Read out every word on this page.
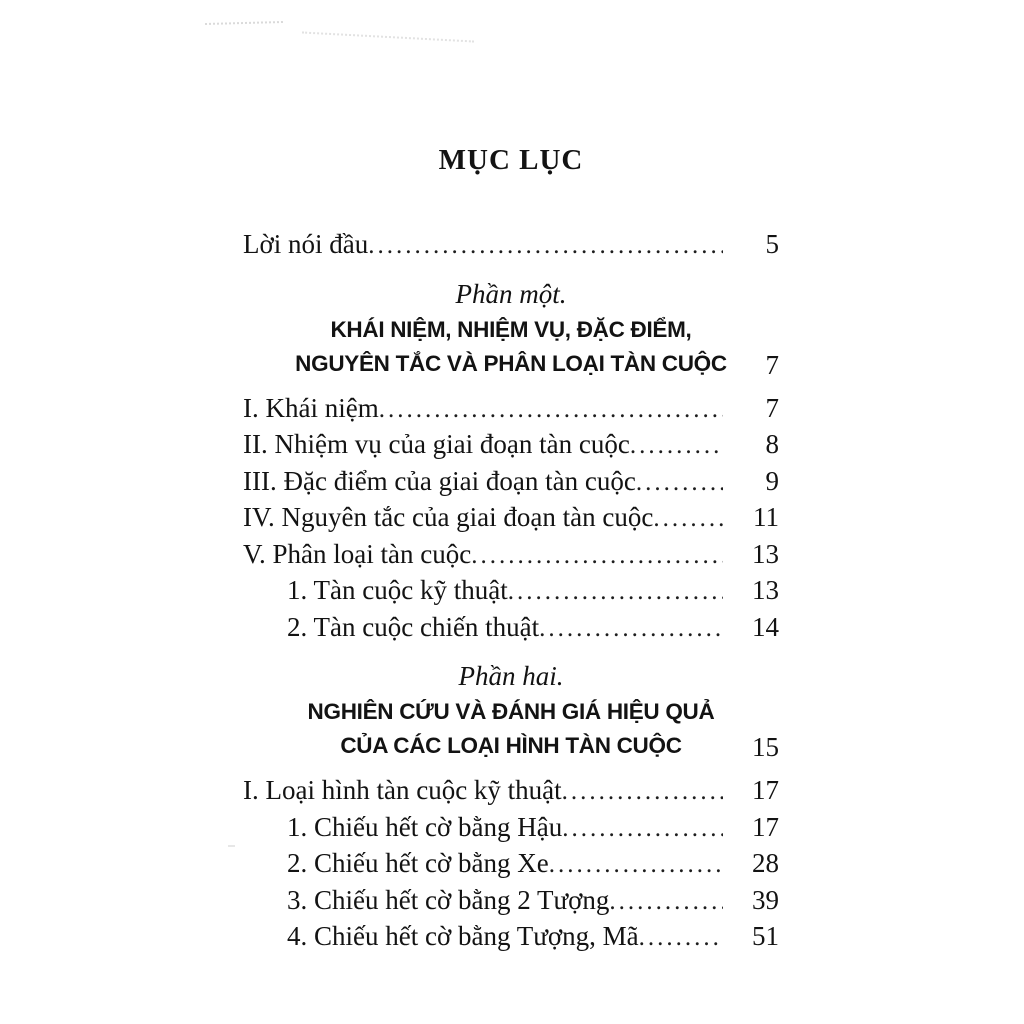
MỤC LỤC
Lời nói đầu .....	5
Phần một.
KHÁI NIỆM, NHIỆM VỤ, ĐẶC ĐIỂM,
NGUYÊN TẮC VÀ PHÂN LOẠI TÀN CUỘC	7
I. Khái niệm .....	7
II. Nhiệm vụ của giai đoạn tàn cuộc .....	8
III. Đặc điểm của giai đoạn tàn cuộc .....	9
IV. Nguyên tắc của giai đoạn tàn cuộc .....	11
V. Phân loại tàn cuộc .....	13
1. Tàn cuộc kỹ thuật .....	13
2. Tàn cuộc chiến thuật .....	14
Phần hai.
NGHIÊN CỨU VÀ ĐÁNH GIÁ HIỆU QUẢ
CỦA CÁC LOẠI HÌNH TÀN CUỘC	15
I. Loại hình tàn cuộc kỹ thuật .....	17
1. Chiếu hết cờ bằng Hậu .....	17
2. Chiếu hết cờ bằng Xe .....	28
3. Chiếu hết cờ bằng 2 Tượng .....	39
4. Chiếu hết cờ bằng Tượng, Mã .....	51
